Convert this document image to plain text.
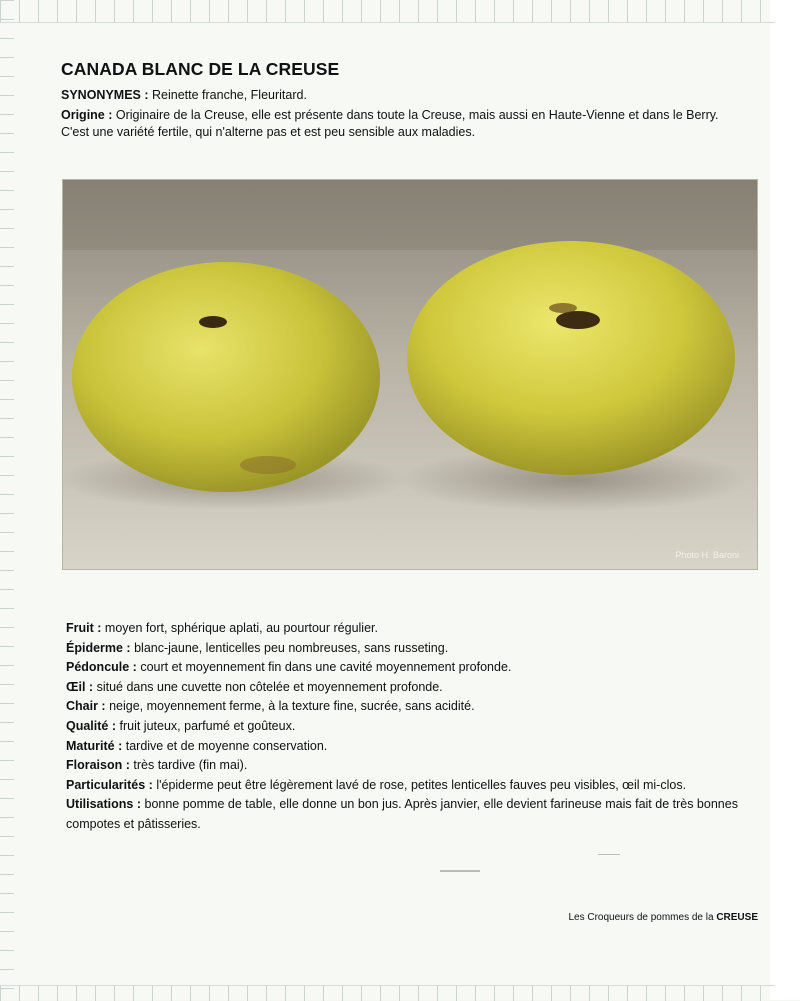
CANADA BLANC DE LA CREUSE
SYNONYMES : Reinette franche, Fleuritard.
Origine : Originaire de la Creuse, elle est présente dans toute la Creuse, mais aussi en Haute-Vienne et dans le Berry.
C'est une variété fertile, qui n'alterne pas et est peu sensible aux maladies.
Photo H. Baroni
Fruit : moyen fort, sphérique aplati, au pourtour régulier.
Épiderme : blanc-jaune, lenticelles peu nombreuses, sans russeting.
Pédoncule : court et moyennement fin dans une cavité moyennement profonde.
Œil : situé dans une cuvette non côtelée et moyennement profonde.
Chair : neige, moyennement ferme, à la texture fine, sucrée, sans acidité.
Qualité : fruit juteux, parfumé et goûteux.
Maturité : tardive et de moyenne conservation.
Floraison : très tardive (fin mai).
Particularités : l'épiderme peut être légèrement lavé de rose, petites lenticelles fauves peu visibles, œil mi-clos.
Utilisations : bonne pomme de table, elle donne un bon jus. Après janvier, elle devient farineuse mais fait de très bonnes compotes et pâtisseries.
Les Croqueurs de pommes de la CREUSE
